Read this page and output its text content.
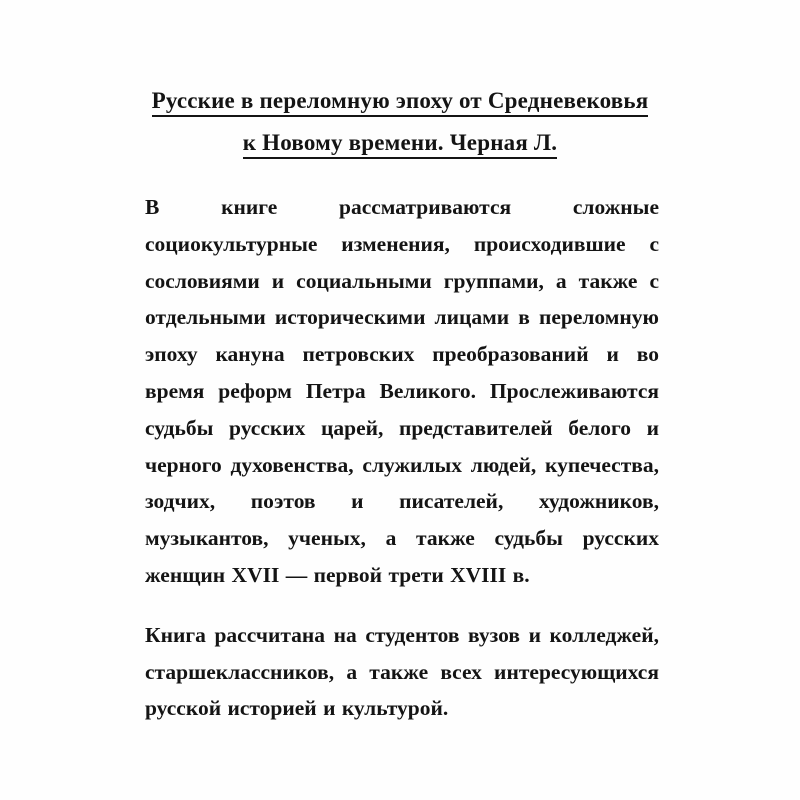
Русские в переломную эпоху от Средневековья
к Новому времени. Черная Л.

В книге рассматриваются сложные социокультурные изменения, происходившие с сословиями и социальными группами, а также с отдельными историческими лицами в переломную эпоху кануна петровских преобразований и во время реформ Петра Великого. Прослеживаются судьбы русских царей, представителей белого и черного духовенства, служилых людей, купечества, зодчих, поэтов и писателей, художников, музыкантов, ученых, а также судьбы русских женщин XVII — первой трети XVIII в.

Книга рассчитана на студентов вузов и колледжей, старшеклассников, а также всех интересующихся русской историей и культурой.
